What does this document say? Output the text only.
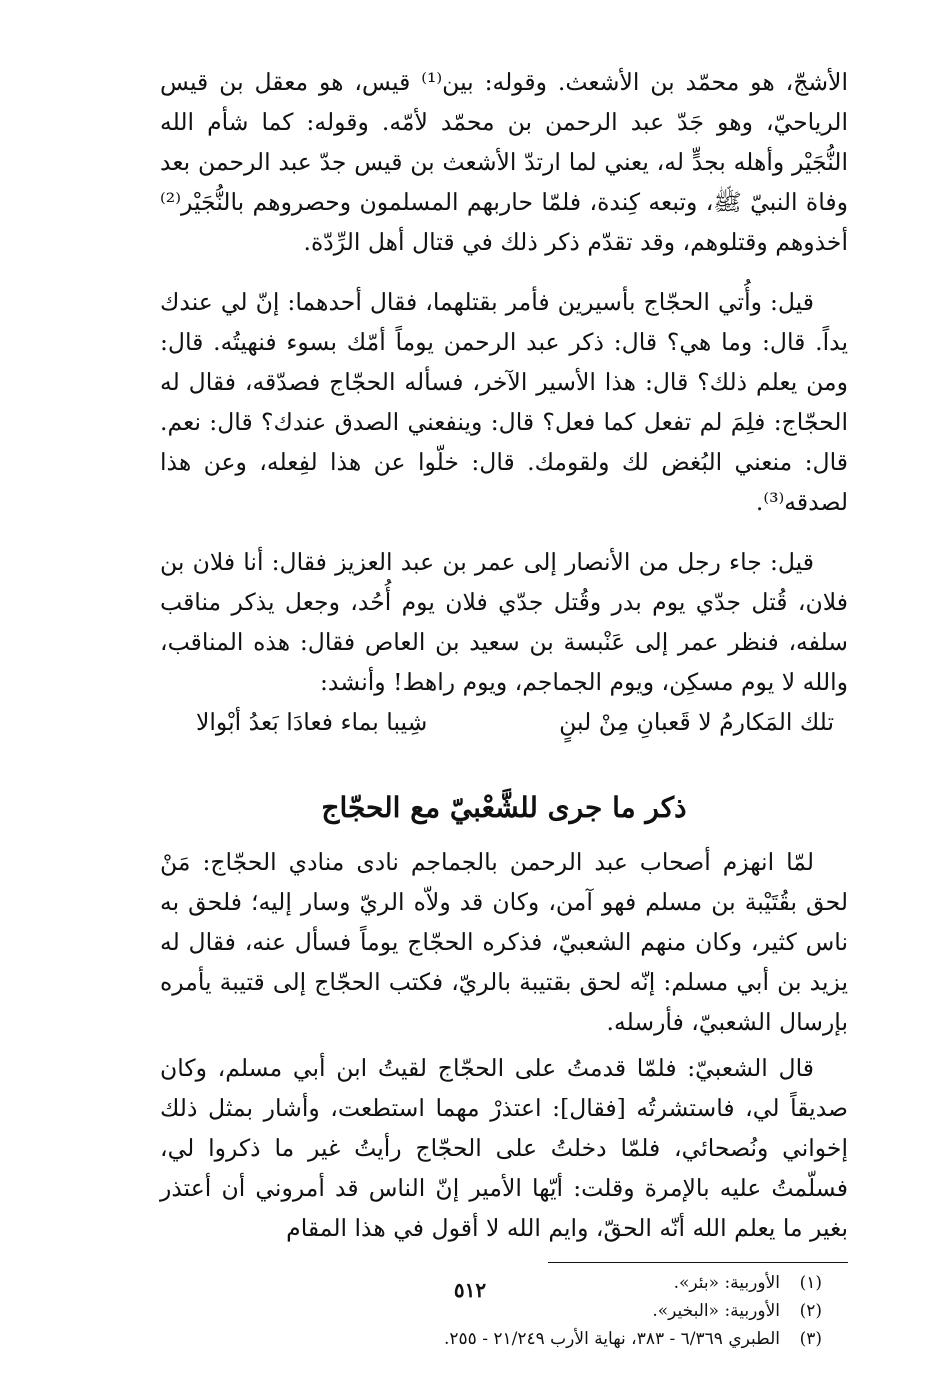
الأشجّ، هو محمّد بن الأشعث. وقوله: بين⁽¹⁾ قيس، هو معقل بن قيس الرياحيّ، وهو جَدّ عبد الرحمن بن محمّد لأمّه. وقوله: كما شأم الله النُّجَيْر وأهله بجدٍّ له، يعني لما ارتدّ الأشعث بن قيس جدّ عبد الرحمن بعد وفاة النبيّ ﷺ، وتبعه كِندة، فلمّا حاربهم المسلمون وحصروهم بالنُّجَيْر⁽²⁾ أخذوهم وقتلوهم، وقد تقدّم ذكر ذلك في قتال أهل الرِّدّة.

قيل: وأُتي الحجّاج بأسيرين فأمر بقتلهما، فقال أحدهما: إنّ لي عندك يداً. قال: وما هي؟ قال: ذكر عبد الرحمن يوماً أمّك بسوء فنهيتُه. قال: ومن يعلم ذلك؟ قال: هذا الأسير الآخر، فسأله الحجّاج فصدّقه، فقال له الحجّاج: فلِمَ لم تفعل كما فعل؟ قال: وينفعني الصدق عندك؟ قال: نعم. قال: منعني البُغض لك ولقومك. قال: خلّوا عن هذا لفِعله، وعن هذا لصدقه⁽³⁾.

قيل: جاء رجل من الأنصار إلى عمر بن عبد العزيز فقال: أنا فلان بن فلان، قُتل جدّي يوم بدر وقُتل جدّي فلان يوم أُحُد، وجعل يذكر مناقب سلفه، فنظر عمر إلى عَنْبسة بن سعيد بن العاص فقال: هذه المناقب، والله لا يوم مسكِن، ويوم الجماجم، ويوم راهط! وأنشد:

تلك المَكارمُ لا قَعبانِ مِنْ لبنٍ
شِيبا بماء فعادَا بَعدُ أبْوالا
ذكر ما جرى للشَّعْبيّ مع الحجّاج

لمّا انهزم أصحاب عبد الرحمن بالجماجم نادى منادي الحجّاج: مَنْ لحق بقُتَيْبة بن مسلم فهو آمن، وكان قد ولاّه الريّ وسار إليه؛ فلحق به ناس كثير، وكان منهم الشعبيّ، فذكره الحجّاج يوماً فسأل عنه، فقال له يزيد بن أبي مسلم: إنّه لحق بقتيبة بالريّ، فكتب الحجّاج إلى قتيبة يأمره بإرسال الشعبيّ، فأرسله.

قال الشعبيّ: فلمّا قدمتُ على الحجّاج لقيتُ ابن أبي مسلم، وكان صديقاً لي، فاستشرتُه [فقال]: اعتذرْ مهما استطعت، وأشار بمثل ذلك إخواني ونُصحائي، فلمّا دخلتُ على الحجّاج رأيتُ غير ما ذكروا لي، فسلّمتُ عليه بالإمرة وقلت: أيّها الأمير إنّ الناس قد أمروني أن أعتذر بغير ما يعلم الله أنّه الحقّ، وايم الله لا أقول في هذا المقام

(١)
الأوربية: «بئر».
(٢)
الأوربية: «البخير».
(٣)
الطبري ٦/٣٦٩ - ٣٨٣، نهاية الأرب ٢١/٢٤٩ - ٢٥٥.
٥١٢
